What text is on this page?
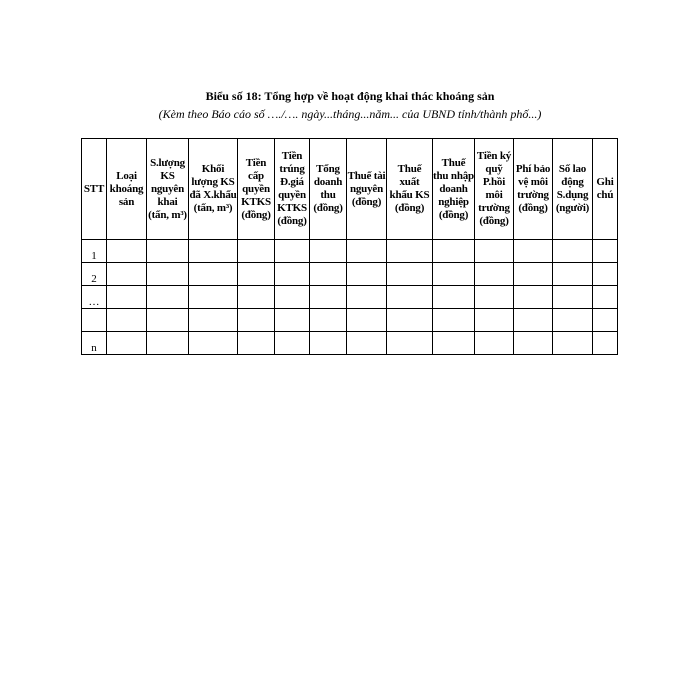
Biểu số 18: Tổng hợp về hoạt động khai thác khoáng sản
(Kèm theo Báo cáo số …./…. ngày...tháng...năm... của UBND tỉnh/thành phố...)
STT	Loại khoáng sản	S.lượng KS nguyên khai (tấn, m³)	Khối lượng KS đã X.khẩu (tấn, m³)	Tiền cấp quyền KTKS (đồng)	Tiền trúng Đ.giá quyền KTKS (đồng)	Tổng doanh thu (đồng)	Thuế tài nguyên (đồng)	Thuế xuất khẩu KS (đồng)	Thuế thu nhập doanh nghiệp (đồng)	Tiền ký quỹ P.hồi môi trường (đồng)	Phí bảo vệ môi trường (đồng)	Số lao động S.dụng (người)	Ghi chú
1													
2													
…													

n													
